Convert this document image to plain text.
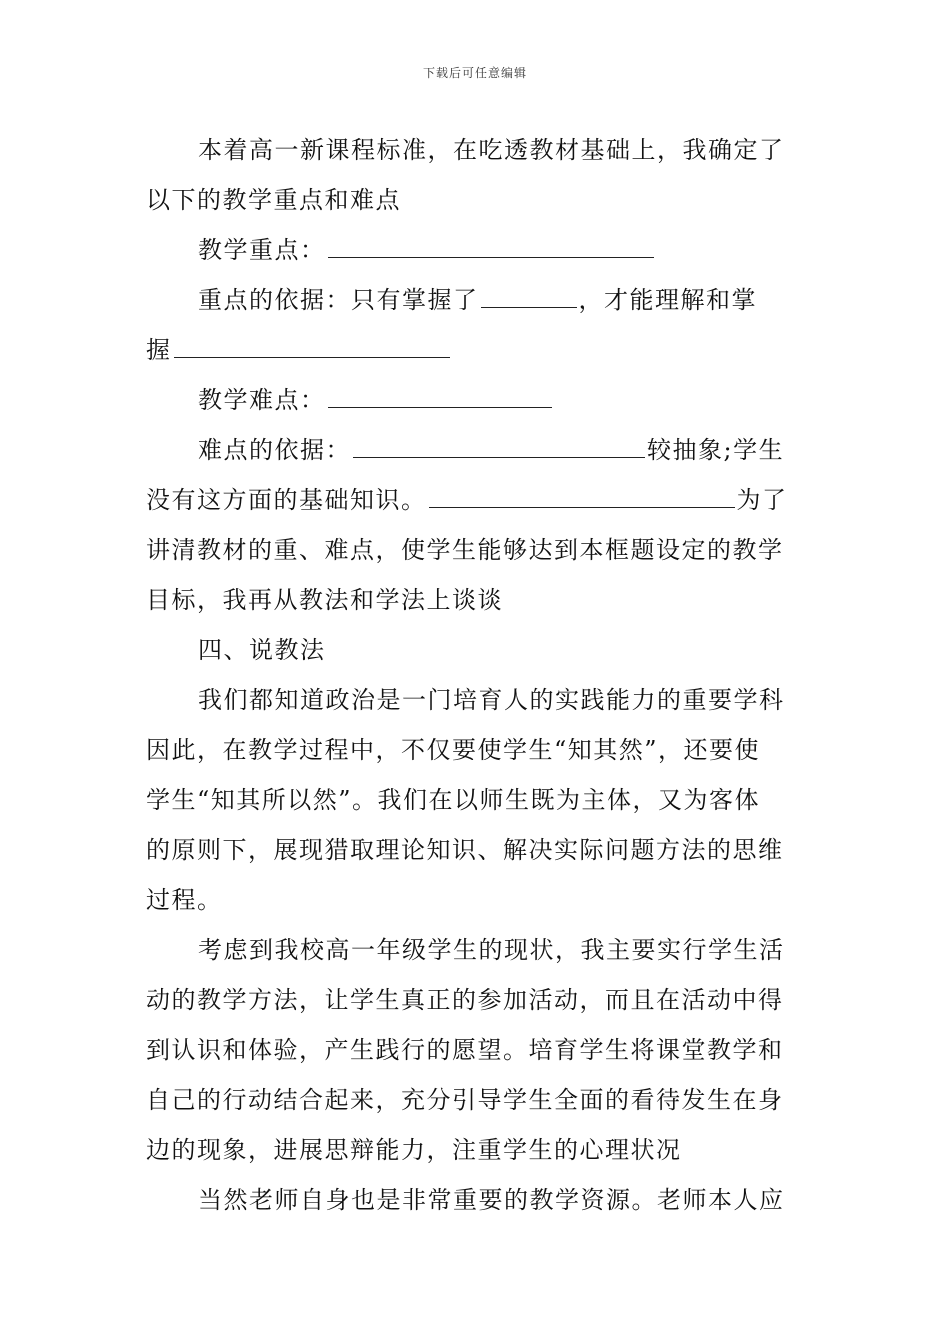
下载后可任意编辑
本着高一新课程标准，在吃透教材基础上，我确定了
以下的教学重点和难点
教学重点：
重点的依据：只有掌握了	，才能理解和掌
握
教学难点：
难点的依据：	较抽象;学生
没有这方面的基础知识。	为了
讲清教材的重、难点，使学生能够达到本框题设定的教学
目标，我再从教法和学法上谈谈
四、说教法
我们都知道政治是一门培育人的实践能力的重要学科
因此，在教学过程中，不仅要使学生“知其然”，还要使
学生“知其所以然”。我们在以师生既为主体，又为客体
的原则下，展现猎取理论知识、解决实际问题方法的思维
过程。
考虑到我校高一年级学生的现状，我主要实行学生活
动的教学方法，让学生真正的参加活动，而且在活动中得
到认识和体验，产生践行的愿望。培育学生将课堂教学和
自己的行动结合起来，充分引导学生全面的看待发生在身
边的现象，进展思辩能力，注重学生的心理状况
当然老师自身也是非常重要的教学资源。老师本人应
